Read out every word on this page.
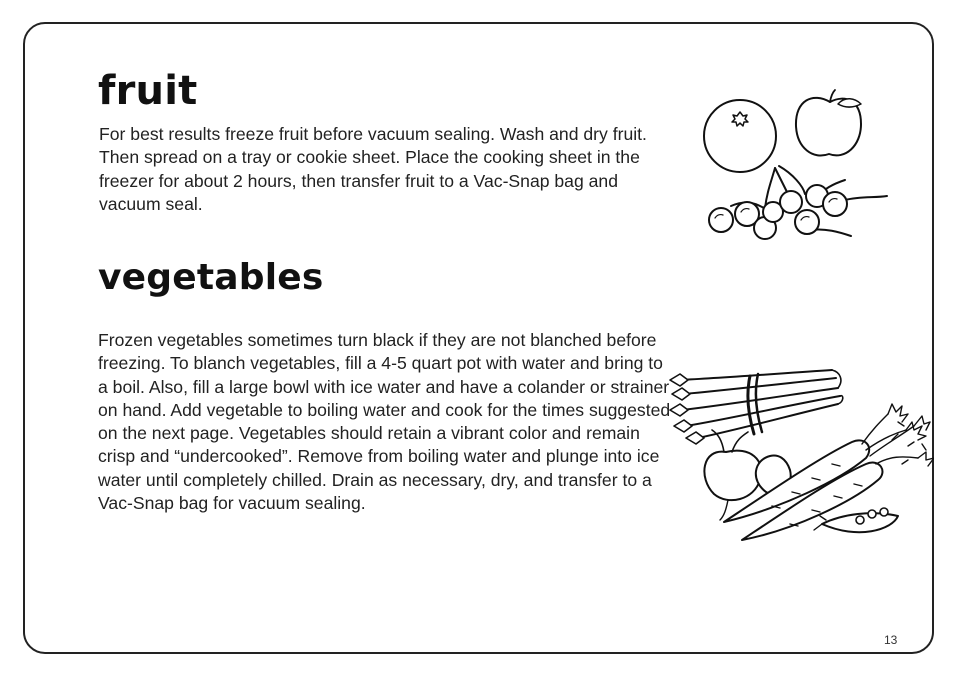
fruit

For best results freeze fruit before vacuum sealing. Wash and dry fruit. Then spread on a tray or cookie sheet. Place the cooking sheet in the freezer for about 2 hours, then transfer fruit to a Vac-Snap bag and vacuum seal.

vegetables

Frozen vegetables sometimes turn black if they are not blanched before freezing. To blanch vegetables, fill a 4-5 quart pot with water and bring to a boil. Also, fill a large bowl with ice water and have a colander or strainer on hand. Add vegetable to boiling water and cook for the times suggested on the next page. Vegetables should retain a vibrant color and remain crisp and “undercooked”. Remove from boiling water and plunge into ice water until completely chilled. Drain as necessary, dry, and transfer to a Vac-Snap bag for vacuum sealing.

13
